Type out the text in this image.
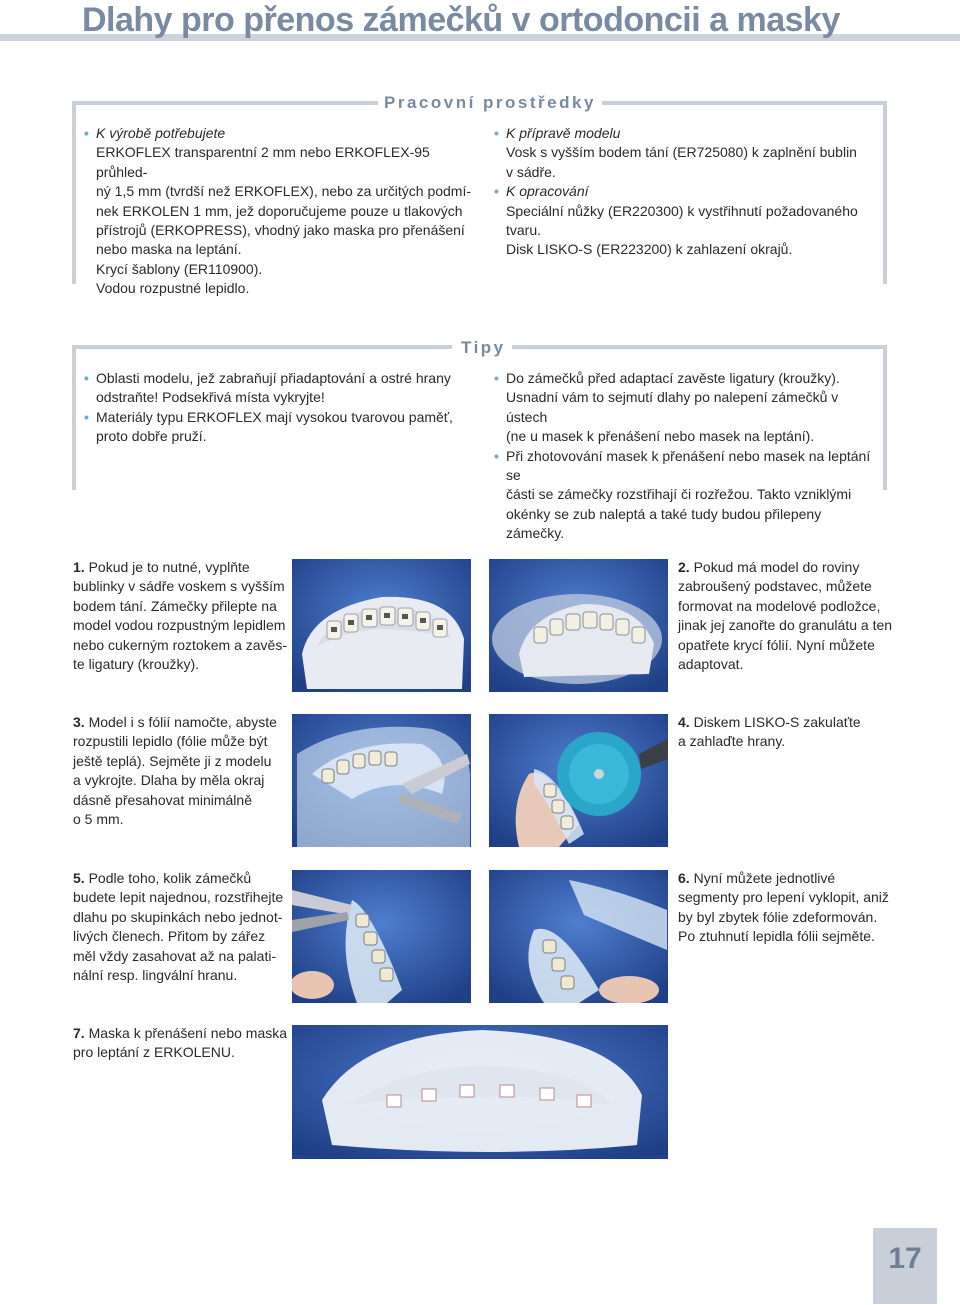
Dlahy pro přenos zámečků v ortodoncii a masky
Pracovní prostředky
• K výrobě potřebujete
ERKOFLEX transparentní 2 mm nebo ERKOFLEX-95 průhled-
ný 1,5 mm (tvrdší než ERKOFLEX), nebo za určitých podmí-
nek ERKOLEN 1 mm, jež doporučujeme pouze u tlakových
přístrojů (ERKOPRESS), vhodný jako maska pro přenášení
nebo maska na leptání.
Krycí šablony (ER110900).
Vodou rozpustné lepidlo.
• K přípravě modelu
Vosk s vyšším bodem tání (ER725080) k zaplnění bublin
v sádře.
• K opracování
Speciální nůžky (ER220300) k vystřihnutí požadovaného tvaru.
Disk LISKO-S (ER223200) k zahlazení okrajů.
Tipy
• Oblasti modelu, jež zabraňují přiadaptování a ostré hrany
odstraňte! Podsekřivá místa vykryjte!
• Materiály typu ERKOFLEX mají vysokou tvarovou paměť,
proto dobře pruží.
• Do zámečků před adaptací zavěste ligatury (kroužky).
Usnadní vám to sejmutí dlahy po nalepení zámečků v ústech
(ne u masek k přenášení nebo masek na leptání).
• Při zhotovování masek k přenášení nebo masek na leptání se
části se zámečky rozstřihají či rozřežou. Takto vzniklými
okénky se zub naleptá a také tudy budou přilepeny zámečky.
1. Pokud je to nutné, vyplňte
bublinky v sádře voskem s vyšším
bodem tání. Zámečky přilepte na
model vodou rozpustným lepidlem
nebo cukerným roztokem a zavěs-
te ligatury (kroužky).
2. Pokud má model do roviny
zabroušený podstavec, můžete
formovat na modelové podložce,
jinak jej zanořte do granulátu a ten
opatřete krycí fólií. Nyní můžete
adaptovat.
3. Model i s fólií namočte, abyste
rozpustili lepidlo (fólie může být
ještě teplá). Sejměte ji z modelu
a vykrojte. Dlaha by měla okraj
dásně přesahovat minimálně
o 5 mm.
4. Diskem LISKO-S zakulaťte
a zahlaďte hrany.
5. Podle toho, kolik zámečků
budete lepit najednou, rozstřihejte
dlahu po skupinkách nebo jednot-
livých členech. Přitom by zářez
měl vždy zasahovat až na palati-
nální resp. lingvální hranu.
6. Nyní můžete jednotlivé
segmenty pro lepení vyklopit, aniž
by byl zbytek fólie zdeformován.
Po ztuhnutí lepidla fólii sejměte.
7. Maska k přenášení nebo maska
pro leptání z ERKOLENU.
17
